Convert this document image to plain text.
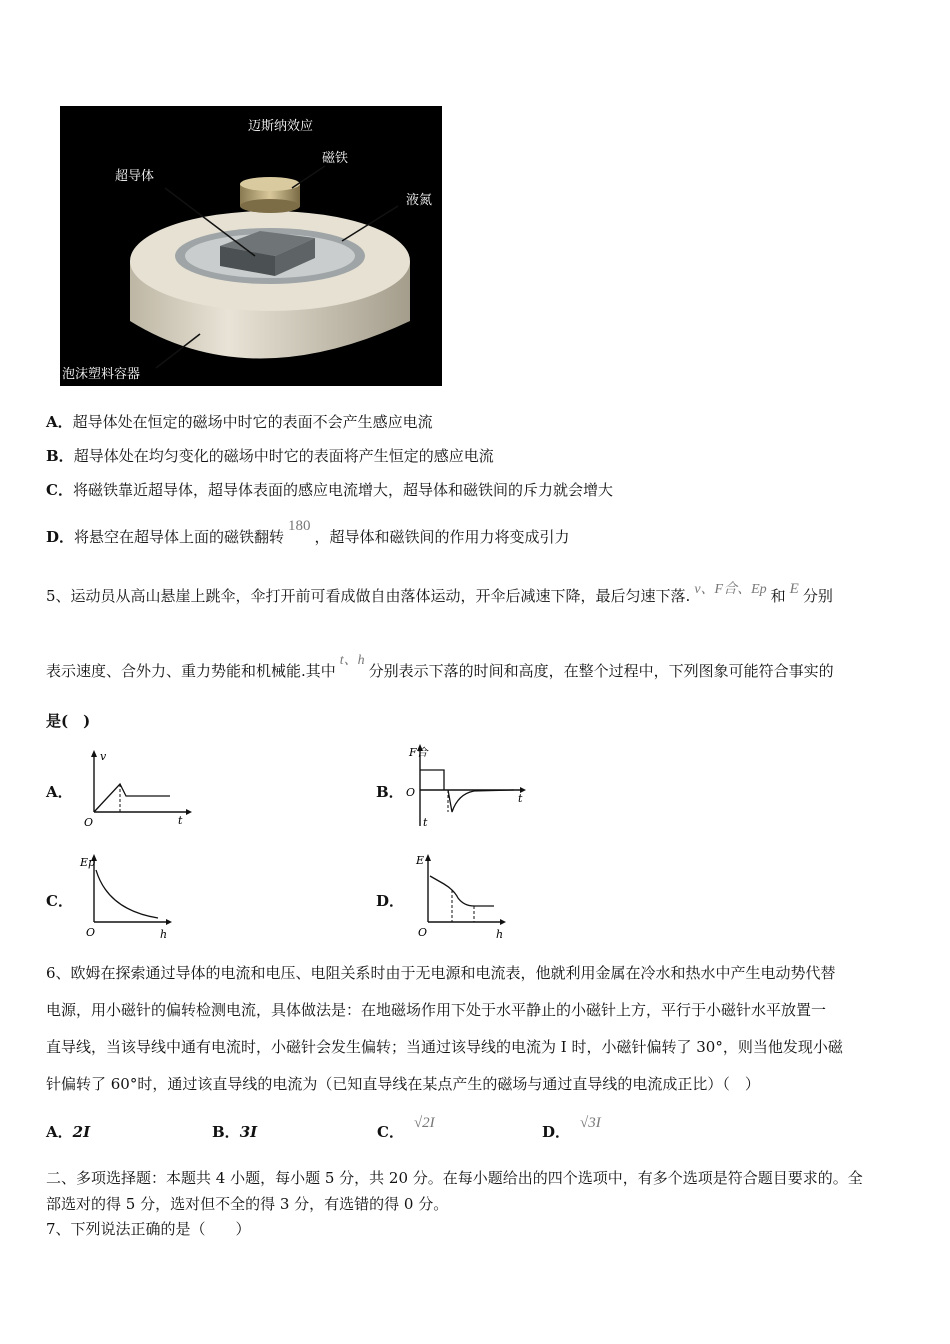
迈斯纳效应
超导体
磁铁
液氮
泡沫塑料容器
A．超导体处在恒定的磁场中时它的表面不会产生感应电流
B．超导体处在均匀变化的磁场中时它的表面将产生恒定的感应电流
C．将磁铁靠近超导体，超导体表面的感应电流增大，超导体和磁铁间的斥力就会增大
D．将悬空在超导体上面的磁铁翻转180，超导体和磁铁间的作用力将变成引力
5、运动员从高山悬崖上跳伞，伞打开前可看成做自由落体运动，开伞后减速下降，最后匀速下落. v、F合、Ep 和 E 分别
表示速度、合外力、重力势能和机械能.其中t、h分别表示下落的时间和高度，在整个过程中，下列图象可能符合事实的
是(　)
A．	B．
C．	D．
v
t
O
F合
t
O
t
Ep
h
O
E
h
O
6、欧姆在探索通过导体的电流和电压、电阻关系时由于无电源和电流表，他就利用金属在冷水和热水中产生电动势代替
电源，用小磁针的偏转检测电流，具体做法是：在地磁场作用下处于水平静止的小磁针上方，平行于小磁针水平放置一
直导线，当该导线中通有电流时，小磁针会发生偏转；当通过该导线的电流为 I 时，小磁针偏转了 30°，则当他发现小磁
针偏转了 60°时，通过该直导线的电流为（已知直导线在某点产生的磁场与通过直导线的电流成正比）（　）
A．2I	B．3I	C． √2I	D． √3I
二、多项选择题：本题共 4 小题，每小题 5 分，共 20 分。在每小题给出的四个选项中，有多个选项是符合题目要求的。全
部选对的得 5 分，选对但不全的得 3 分，有选错的得 0 分。
7、下列说法正确的是（　　）
